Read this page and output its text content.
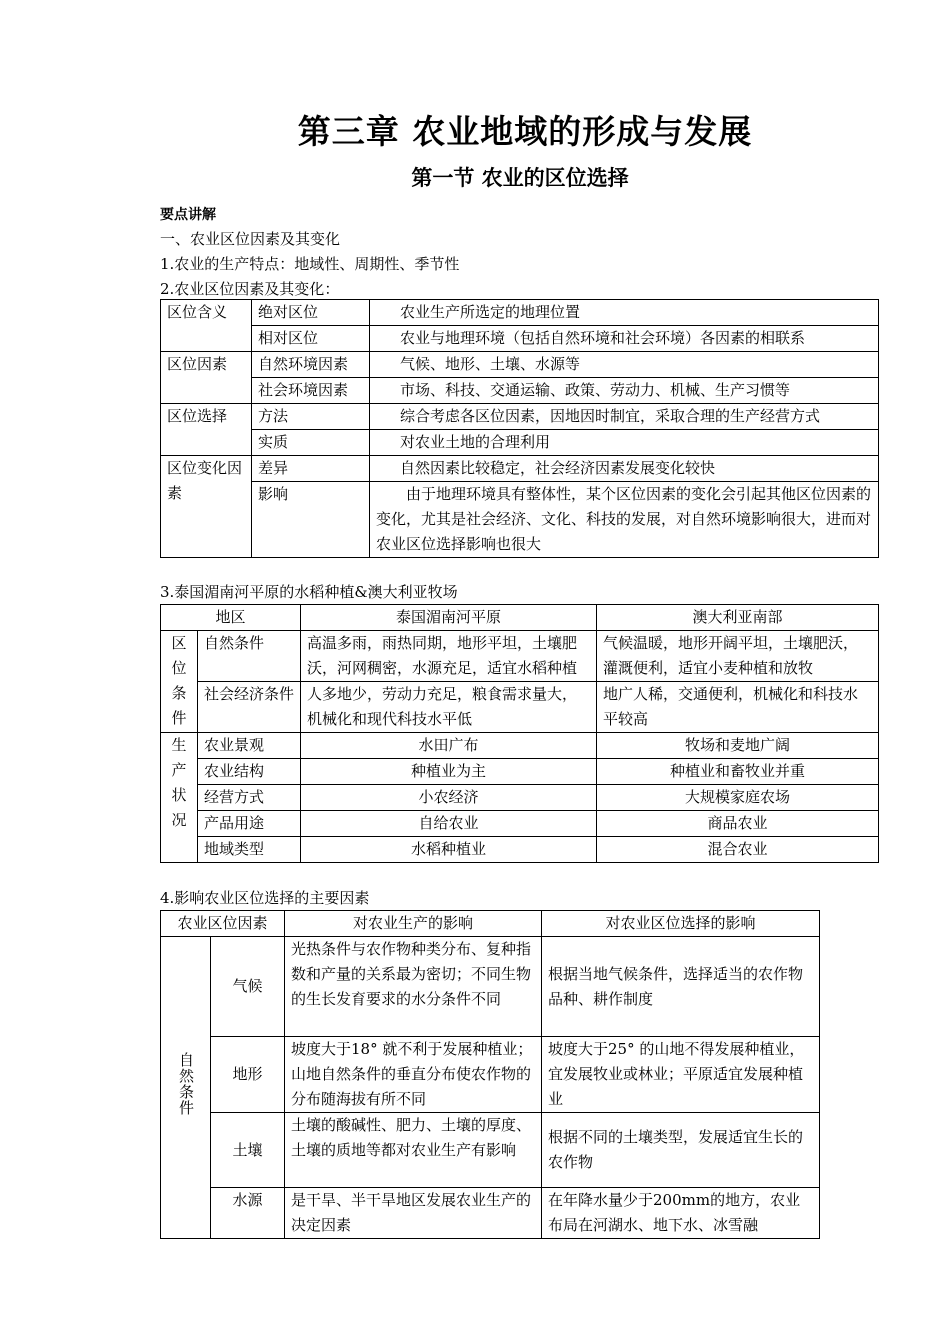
第三章 农业地域的形成与发展
第一节 农业的区位选择
要点讲解
一、农业区位因素及其变化
1.农业的生产特点：地域性、周期性、季节性
2.农业区位因素及其变化：
区位含义	绝对区位	农业生产所选定的地理位置
	相对区位	农业与地理环境（包括自然环境和社会环境）各因素的相联系
区位因素	自然环境因素	气候、地形、土壤、水源等
	社会环境因素	市场、科技、交通运输、政策、劳动力、机械、生产习惯等
区位选择	方法	综合考虑各区位因素，因地因时制宜，采取合理的生产经营方式
	实质	对农业土地的合理利用
区位变化因素	差异	自然因素比较稳定，社会经济因素发展变化较快
	影响	由于地理环境具有整体性，某个区位因素的变化会引起其他区位因素的变化，尤其是社会经济、文化、科技的发展，对自然环境影响很大，进而对农业区位选择影响也很大
3.泰国湄南河平原的水稻种植&澳大利亚牧场
地区		泰国湄南河平原	澳大利亚南部
区位条件	自然条件	高温多雨，雨热同期，地形平坦，土壤肥沃，河网稠密，水源充足，适宜水稻种植	气候温暖，地形开阔平坦，土壤肥沃，灌溉便利，适宜小麦种植和放牧
	社会经济条件	人多地少，劳动力充足，粮食需求量大，机械化和现代科技水平低	地广人稀，交通便利，机械化和科技水平较高
生产状况	农业景观	水田广布	牧场和麦地广阔
	农业结构	种植业为主	种植业和畜牧业并重
	经营方式	小农经济	大规模家庭农场
	产品用途	自给农业	商品农业
	地域类型	水稻种植业	混合农业
4.影响农业区位选择的主要因素
农业区位因素		对农业生产的影响	对农业区位选择的影响
自然条件	气候	光热条件与农作物种类分布、复种指数和产量的关系最为密切；不同生物的生长发育要求的水分条件不同	根据当地气候条件，选择适当的农作物品种、耕作制度
	地形	坡度大于18° 就不利于发展种植业；山地自然条件的垂直分布使农作物的分布随海拔有所不同	坡度大于25° 的山地不得发展种植业，宜发展牧业或林业；平原适宜发展种植业
	土壤	土壤的酸碱性、肥力、土壤的厚度、土壤的质地等都对农业生产有影响	根据不同的土壤类型，发展适宜生长的农作物
	水源	是干旱、半干旱地区发展农业生产的决定因素	在年降水量少于200mm的地方，农业布局在河湖水、地下水、冰雪融
